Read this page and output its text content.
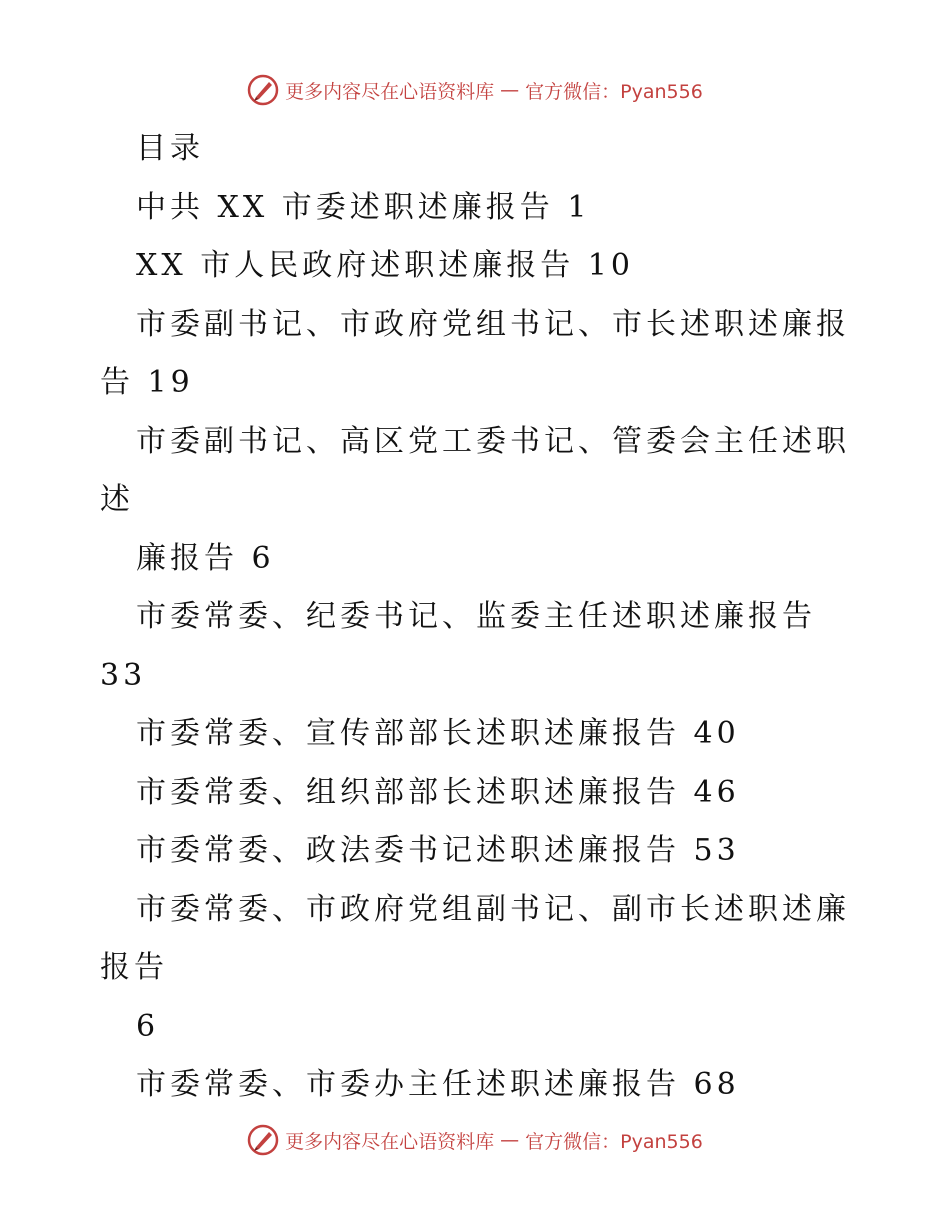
更多内容尽在心语资料库 — 官方微信：Pyan556
目录
中共 XX 市委述职述廉报告 1
XX 市人民政府述职述廉报告 10
市委副书记、市政府党组书记、市长述职述廉报
告 19
市委副书记、高区党工委书记、管委会主任述职
述
廉报告 6
市委常委、纪委书记、监委主任述职述廉报告
33
市委常委、宣传部部长述职述廉报告 40
市委常委、组织部部长述职述廉报告 46
市委常委、政法委书记述职述廉报告 53
市委常委、市政府党组副书记、副市长述职述廉
报告
6
市委常委、市委办主任述职述廉报告 68
更多内容尽在心语资料库 — 官方微信：Pyan556
